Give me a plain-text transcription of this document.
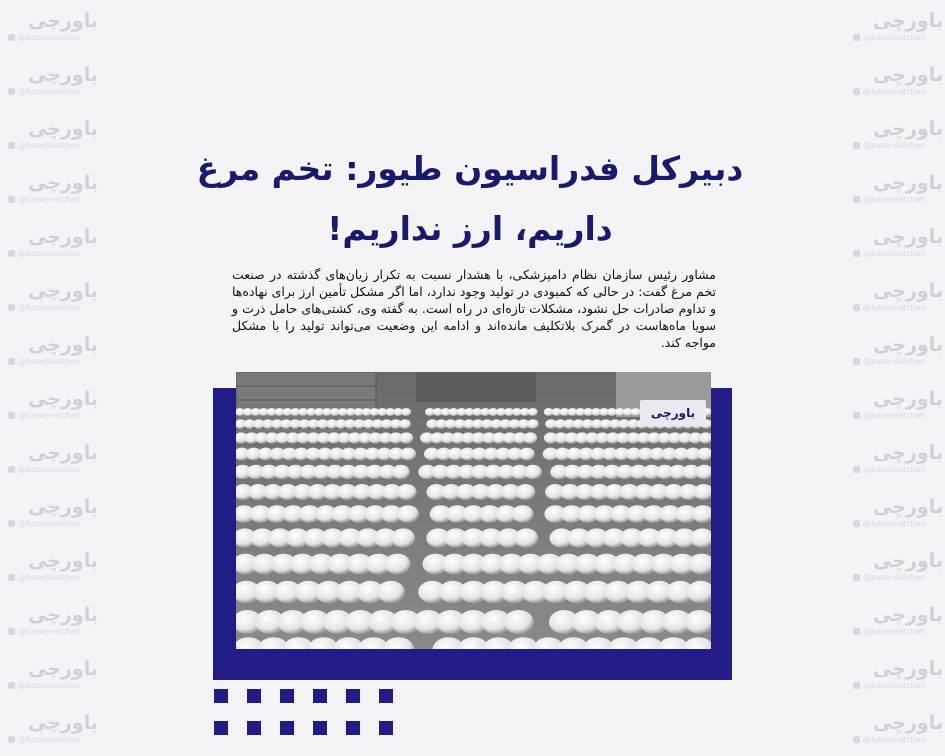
باورچی
@bazeroatchan
باورچی
@bazeroatchan
باورچی
@bazeroatchan
باورچی
@bazeroatchan
باورچی
@bazeroatchan
باورچی
@bazeroatchan
باورچی
@bazeroatchan
باورچی
@bazeroatchan
باورچی
@bazeroatchan
باورچی
@bazeroatchan
باورچی
@bazeroatchan
باورچی
@bazeroatchan
باورچی
@bazeroatchan
باورچی
@bazeroatchan
باورچی
@bazeroatchan
باورچی
@bazeroatchan
باورچی
@bazeroatchan
باورچی
@bazeroatchan
باورچی
@bazeroatchan
باورچی
@bazeroatchan
باورچی
@bazeroatchan
باورچی
@bazeroatchan
باورچی
@bazeroatchan
باورچی
@bazeroatchan
باورچی
@bazeroatchan
باورچی
@bazeroatchan
باورچی
@bazeroatchan
باورچی
@bazeroatchan
دبیرکل فدراسیون طیور: تخم مرغ
داریم، ارز نداریم!
مشاور رئیس سازمان نظام دامپزشکی، با هشدار نسبت به تکرار زیان‌های گذشته در صنعت تخم مرغ گفت: در حالی که کمبودی در تولید وجود ندارد، اما اگر مشکل تأمین ارز برای نهاده‌ها و تداوم صادرات حل نشود، مشکلات تازه‌ای در راه است. به گفته وی، کشتی‌های حامل ذرت و سویا ماه‌هاست در گمرک بلاتکلیف مانده‌اند و ادامه این وضعیت می‌تواند تولید را با مشکل مواجه کند.
باورچی
